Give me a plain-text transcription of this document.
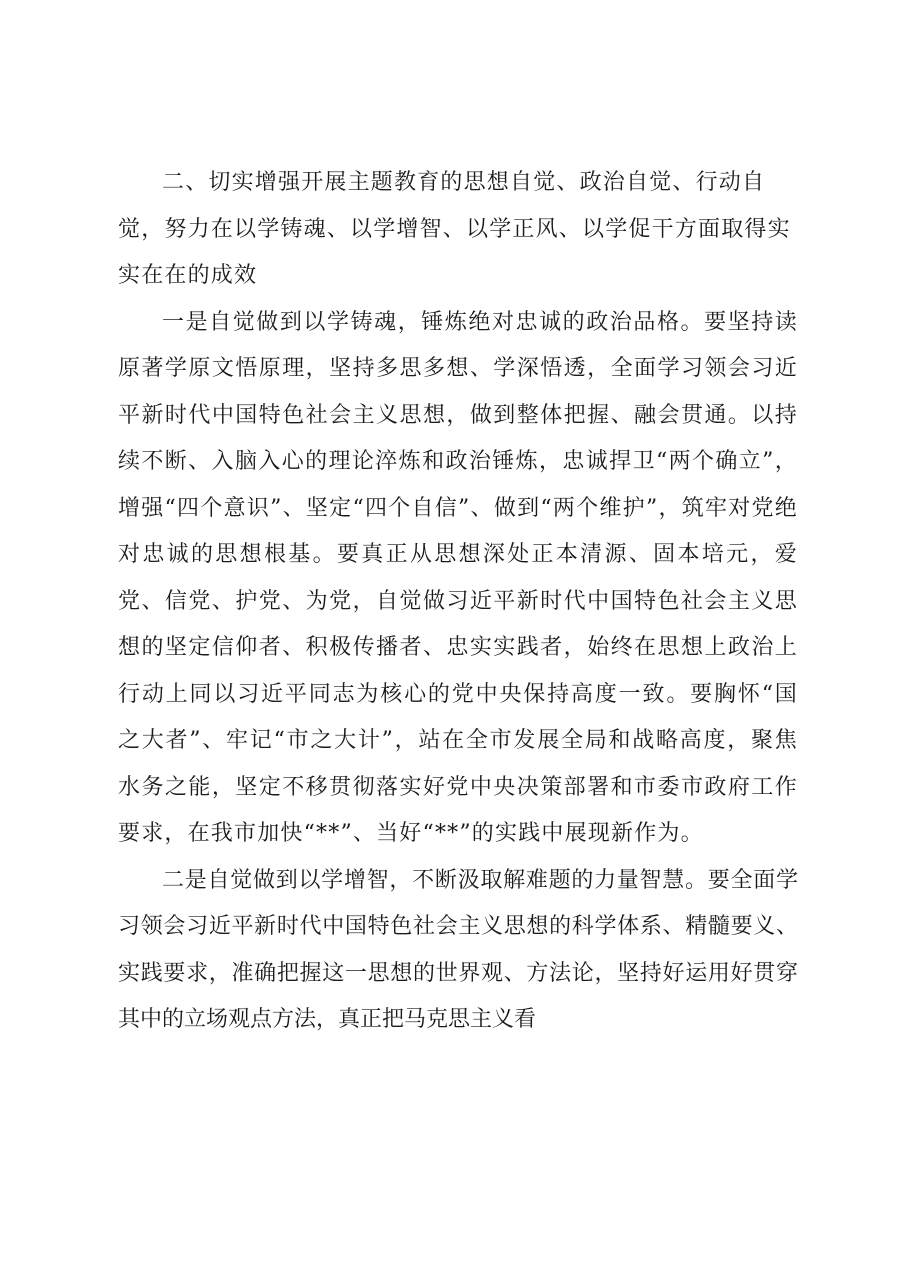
二、切实增强开展主题教育的思想自觉、政治自觉、行动自觉，努力在以学铸魂、以学增智、以学正风、以学促干方面取得实实在在的成效

一是自觉做到以学铸魂，锤炼绝对忠诚的政治品格。要坚持读原著学原文悟原理，坚持多思多想、学深悟透，全面学习领会习近平新时代中国特色社会主义思想，做到整体把握、融会贯通。以持续不断、入脑入心的理论淬炼和政治锤炼，忠诚捍卫“两个确立”，增强“四个意识”、坚定“四个自信”、做到“两个维护”，筑牢对党绝对忠诚的思想根基。要真正从思想深处正本清源、固本培元，爱党、信党、护党、为党，自觉做习近平新时代中国特色社会主义思想的坚定信仰者、积极传播者、忠实实践者，始终在思想上政治上行动上同以习近平同志为核心的党中央保持高度一致。要胸怀“国之大者”、牢记“市之大计”，站在全市发展全局和战略高度，聚焦水务之能，坚定不移贯彻落实好党中央决策部署和市委市政府工作要求，在我市加快“**”、当好“**”的实践中展现新作为。

二是自觉做到以学增智，不断汲取解难题的力量智慧。要全面学习领会习近平新时代中国特色社会主义思想的科学体系、精髓要义、实践要求，准确把握这一思想的世界观、方法论，坚持好运用好贯穿其中的立场观点方法，真正把马克思主义看
